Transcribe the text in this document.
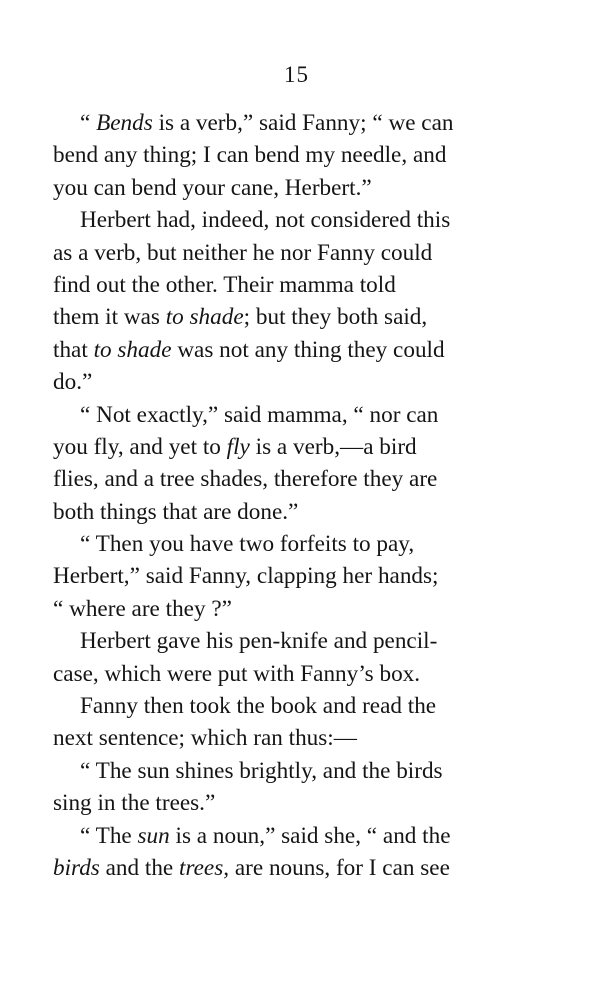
15
“ Bends is a verb,” said Fanny; “ we can
bend any thing; I can bend my needle, and
you can bend your cane, Herbert.”
Herbert had, indeed, not considered this
as a verb, but neither he nor Fanny could
find out the other. Their mamma told
them it was to shade; but they both said,
that to shade was not any thing they could
do.”
“ Not exactly,” said mamma, “ nor can
you fly, and yet to fly is a verb,—a bird
flies, and a tree shades, therefore they are
both things that are done.”
“ Then you have two forfeits to pay,
Herbert,” said Fanny, clapping her hands;
“ where are they ?”
Herbert gave his pen-knife and pencil-
case, which were put with Fanny’s box.
Fanny then took the book and read the
next sentence; which ran thus:—
“ The sun shines brightly, and the birds
sing in the trees.”
“ The sun is a noun,” said she, “ and the
birds and the trees, are nouns, for I can see
